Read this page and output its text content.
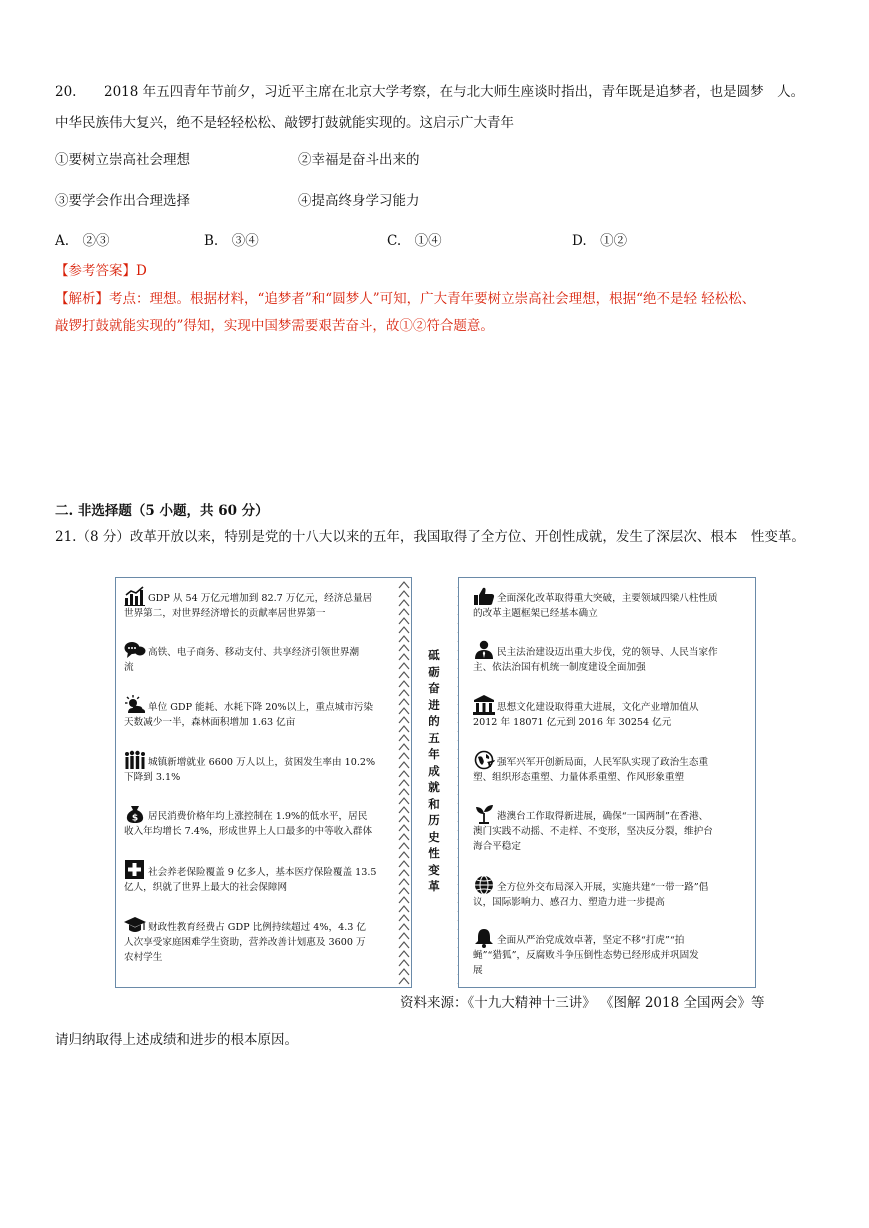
20. 2018 年五四青年节前夕，习近平主席在北京大学考察，在与北大师生座谈时指出，青年既是追梦者，也是圆梦　人。
中华民族伟大复兴，绝不是轻轻松松、敲锣打鼓就能实现的。这启示广大青年
①要树立崇高社会理想	②幸福是奋斗出来的
③要学会作出合理选择	④提高终身学习能力
A.　②③	B.　③④	C.　①④	D.　①②
【参考答案】D
【解析】考点：理想。根据材料，“追梦者”和“圆梦人”可知，广大青年要树立崇高社会理想，根据“绝不是轻 轻松松、
敲锣打鼓就能实现的”得知，实现中国梦需要艰苦奋斗，故①②符合题意。
二. 非选择题（5 小题，共 60 分）
21.（8 分）改革开放以来，特别是党的十八大以来的五年，我国取得了全方位、开创性成就，发生了深层次、根本　性变革。
GDP 从 54 万亿元增加到 82.7 万亿元，经济总量居
世界第二，对世界经济增长的贡献率居世界第一
高铁、电子商务、移动支付、共享经济引领世界潮
流
单位 GDP 能耗、水耗下降 20%以上，重点城市污染
天数减少一半，森林面积增加 1.63 亿亩
城镇新增就业 6600 万人以上，贫困发生率由 10.2%
下降到 3.1%
$ 居民消费价格年均上涨控制在 1.9%的低水平，居民
收入年均增长 7.4%，形成世界上人口最多的中等收入群体
社会养老保险覆盖 9 亿多人，基本医疗保险覆盖 13.5
亿人，织就了世界上最大的社会保障网
财政性教育经费占 GDP 比例持续超过 4%，4.3 亿
人次享受家庭困难学生资助，营养改善计划惠及 3600 万
农村学生
砥砺奋进的五年成就和历史性变革
全面深化改革取得重大突破，主要领域四梁八柱性质
的改革主题框架已经基本确立
民主法治建设迈出重大步伐，党的领导、人民当家作
主、依法治国有机统一制度建设全面加强
思想文化建设取得重大进展，文化产业增加值从
2012 年 18071 亿元到 2016 年 30254 亿元
强军兴军开创新局面，人民军队实现了政治生态重
塑、组织形态重塑、力量体系重塑、作风形象重塑
港澳台工作取得新进展，确保“一国两制”在香港、
澳门实践不动摇、不走样、不变形，坚决反分裂，维护台
海合平稳定
全方位外交布局深入开展，实施共建“一带一路”倡
议，国际影响力、感召力、塑造力进一步提高
全面从严治党成效卓著，坚定不移“打虎”“拍
蝇”“猎狐”，反腐败斗争压倒性态势已经形成并巩固发
展
资料来源：《十九大精神十三讲》 《图解 2018 全国两会》等
请归纳取得上述成绩和进步的根本原因。
